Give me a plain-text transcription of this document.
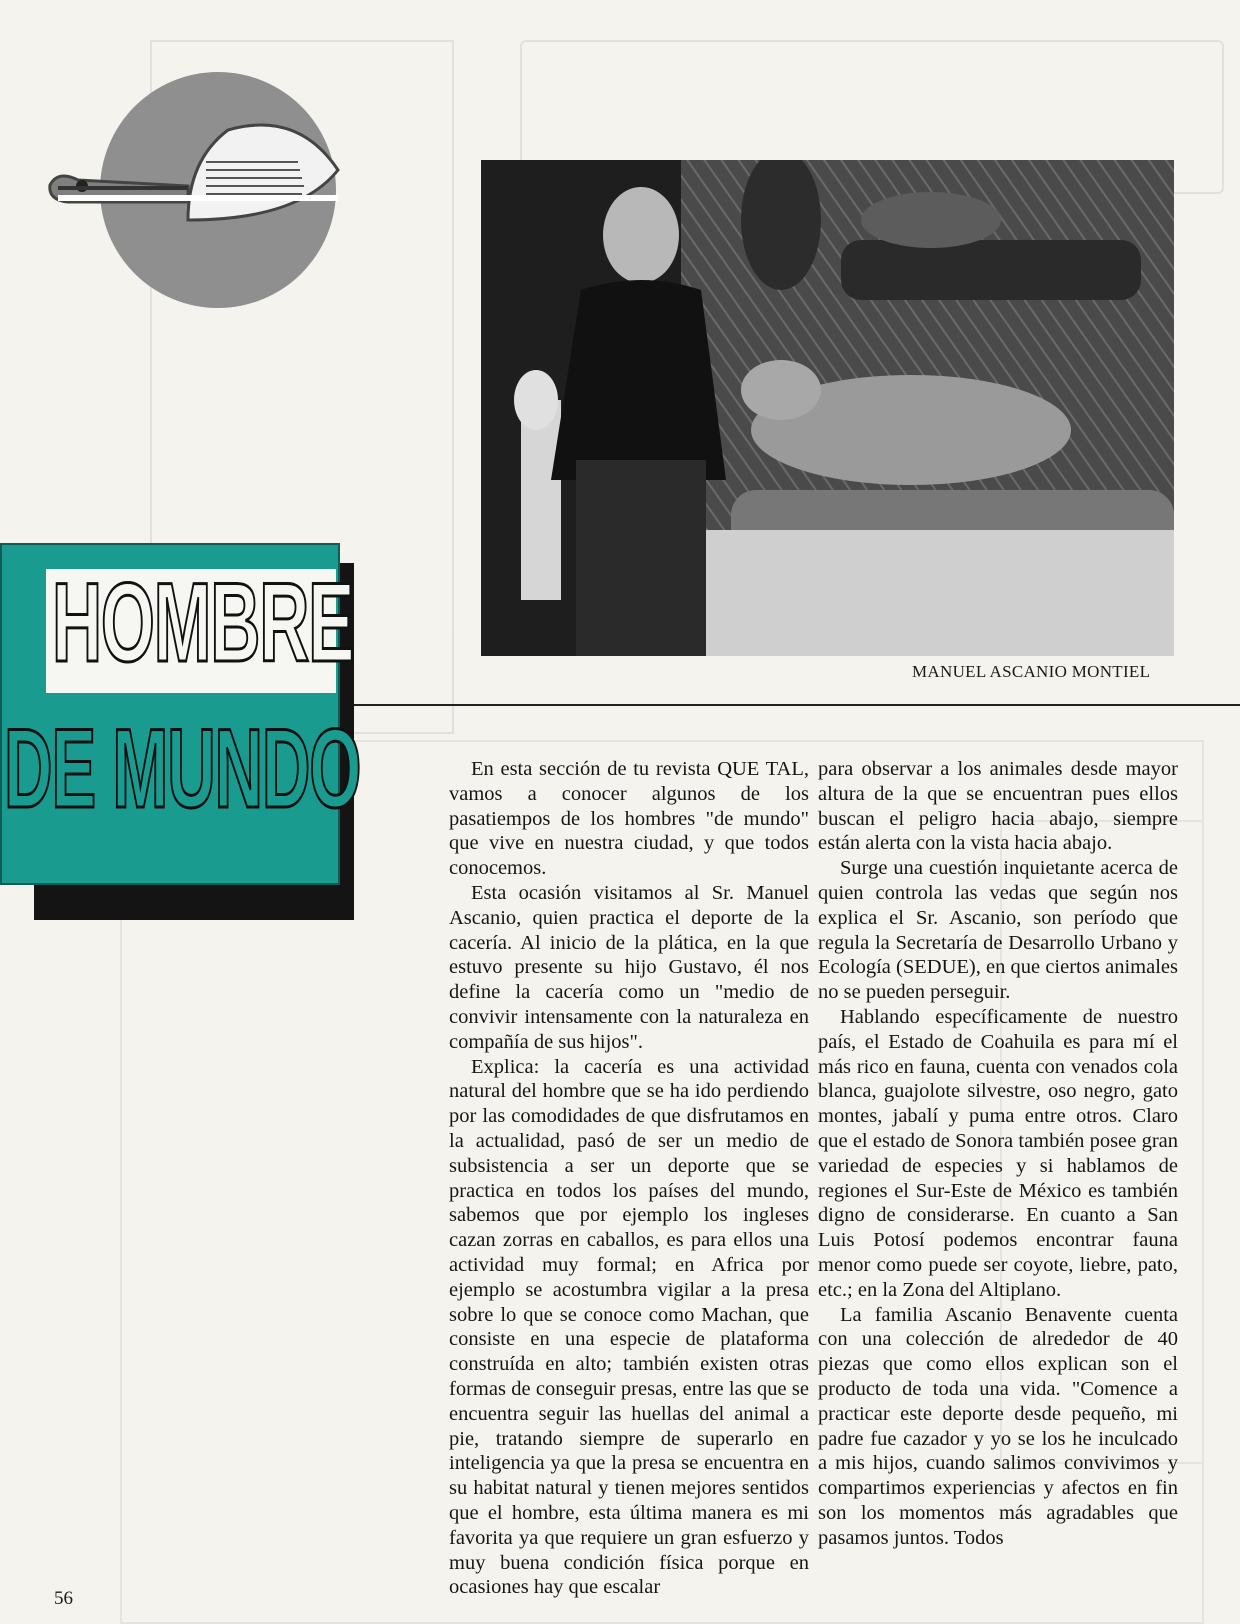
MANUEL ASCANIO MONTIEL
HOMBRE
DE MUNDO	En esta sección de tu revista QUE TAL, vamos a conocer algunos de los pasatiempos de los hombres "de mundo" que vive en nuestra ciudad, y que todos conocemos.

Esta ocasión visitamos al Sr. Manuel Ascanio, quien practica el deporte de la cacería. Al inicio de la plática, en la que estuvo presente su hijo Gustavo, él nos define la cacería como un "medio de convivir intensamente con la naturaleza en compañía de sus hijos".

Explica: la cacería es una actividad natural del hombre que se ha ido perdiendo por las comodidades de que disfrutamos en la actualidad, pasó de ser un medio de subsistencia a ser un deporte que se practica en todos los países del mundo, sabemos que por ejemplo los ingleses cazan zorras en caballos, es para ellos una actividad muy formal; en Africa por ejemplo se acostumbra vigilar a la presa sobre lo que se conoce como Machan, que consiste en una especie de plataforma construída en alto; también existen otras formas de conseguir presas, entre las que se encuentra seguir las huellas del animal a pie, tratando siempre de superarlo en inteligencia ya que la presa se encuentra en su habitat natural y tienen mejores sentidos que el hombre, esta última manera es mi favorita ya que requiere un gran esfuerzo y muy buena condición física porque en ocasiones hay que escalar

para observar a los animales desde mayor altura de la que se encuentran pues ellos buscan el peligro hacia abajo, siempre están alerta con la vista hacia abajo.

Surge una cuestión inquietante acerca de quien controla las vedas que según nos explica el Sr. Ascanio, son período que regula la Secretaría de Desarrollo Urbano y Ecología (SEDUE), en que ciertos animales no se pueden perseguir.

Hablando específicamente de nuestro país, el Estado de Coahuila es para mí el más rico en fauna, cuenta con venados cola blanca, guajolote silvestre, oso negro, gato montes, jabalí y puma entre otros. Claro que el estado de Sonora también posee gran variedad de especies y si hablamos de regiones el Sur-Este de México es también digno de considerarse. En cuanto a San Luis Potosí podemos encontrar fauna menor como puede ser coyote, liebre, pato, etc.; en la Zona del Altiplano.

La familia Ascanio Benavente cuenta con una colección de alrededor de 40 piezas que como ellos explican son el producto de toda una vida. "Comence a practicar este deporte desde pequeño, mi padre fue cazador y yo se los he inculcado a mis hijos, cuando salimos convivimos y compartimos experiencias y afectos en fin son los momentos más agradables que pasamos juntos. Todos

56
